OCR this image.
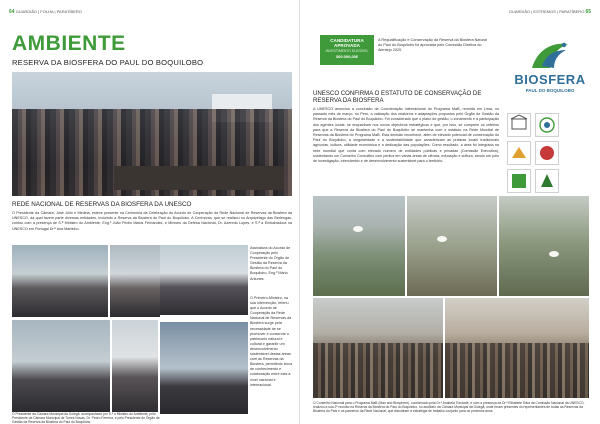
64 GUARDIÃO | FOLHA | PARATÍBERO
AMBIENTE
RESERVA DA BIOSFERA DO PAUL DO BOQUILOBO
REDE NACIONAL DE RESERVAS DA BIOSFERA DA UNESCO
O Presidente da Câmara, José Júlio e Medina, esteve presente na Cerimónia da Celebração do Acordo de Cooperação da Rede Nacional de Reservas da Biosfera da UNESCO, da qual fazem parte diversas entidades, incluindo a Reserva da Biosfera do Paul do Boquilobo. A Cerimónia, que se realizou no Arquipélago das Berlengas, contou com a presença de S.ª Ministro do Ambiente, Eng.º João Pedro Matos Fernandes, e Ministro da Defesa Nacional, Dr. Azeredo Lopes, e S.ª a Embaixadora na UNESCO em Portugal Dr.ª Ana Martinho.
Assinatura do Acordo de Cooperação pelo Presidente do Órgão de Gestão da Reserva da Biosfera do Paul do Boquilobo, Eng.º Mário Antunes.
O Primeiro-Ministro, na sua intervenção, referiu que o Acordo de Cooperação da Rede Nacional de Reservas da Biosfera surge pela necessidade de se promover e conservar o património natural e cultural e garantir um desenvolvimento sustentável destas áreas com as Reservas da Biosfera, permitindo troca de conhecimento e colaboração entre elas a nível nacional e internacional.
O Presidente da Câmara Municipal da Golegã, acompanhado por S.ª o Ministro do Ambiente, pelo Presidente da Câmara Municipal de Torres Novas, Dr. Pedro Ferreira, e pelo Presidente do Órgão de Gestão da Reserva da Biosfera do Paul do Boquilobo.
GUARDIÃO | ESTREMOS | PARATÍBERO 65
CANDIDATURA
APROVADA
INVESTIMENTO ELEGÍVEL
300.000,00€
A Requalificação e Conservação da Reserva da Biosfera Natural do Paul do Boquilobo foi aprovada pelo Comissão Diretiva do Alentejo 2020.
BIOSFERA
PAUL DO BOQUILOBO
UNESCO CONFIRMA O ESTATUTO DE CONSERVAÇÃO DE RESERVA DA BIOSFERA
A UNESCO anunciou a conclusão da Coordenação Internacional do Programa MaB, reunida em Lima, no passado mês de março, no Peru, a validação dos relatórios e adaptações propostos pelo Órgão de Gestão da Reserva da Biosfera do Paul do Boquilobo. Foi considerado que o plano de gestão, o zonamento e a participação dos agentes locais, se enquadram nos novos objectivos estratégicos e que, por isso, se cumprem os critérios para que a Reserva da Biosfera do Paul do Boquilobo se mantenha com o estatuto na Rede Mundial de Reservas da Biosfera do Programa MaB. Esta decisão reconhece, além de elevado potencial de conservação do Paul do Boquilobo, a singularidade e a sustentabilidade que caracterizam as práticas locais tradicionais agrícolas, cultura, utilidade económica e a dedicação das populações. Como resultado, a área foi integrada na rede mundial que conta com elevado número de entidades públicas e privadas (Comissão Executiva), sustentando um Conselho Consultivo com peritos em várias áreas de ciência, educação e cultura, sendo um pólo de investigação, intercâmbio e de desenvolvimento sustentável para o território.
O Conselho Nacional para o Programa MaB (Man and Biosphere), coordenado pela Dr.ª Anabela Trindade, e com a presença da Dr.ª Elisabete Silva da Comissão Nacional da UNESCO, realizou a sua 2ª reunião na Reserva da Biosfera do Paul do Boquilobo, no auditório da Câmara Municipal da Golegã, onde foram presentes os representantes de todas as Reservas da Biosfera do País e os parceiros da Rede Nacional, que discutiram a estratégia de trabalho conjunto para os próximos anos.
